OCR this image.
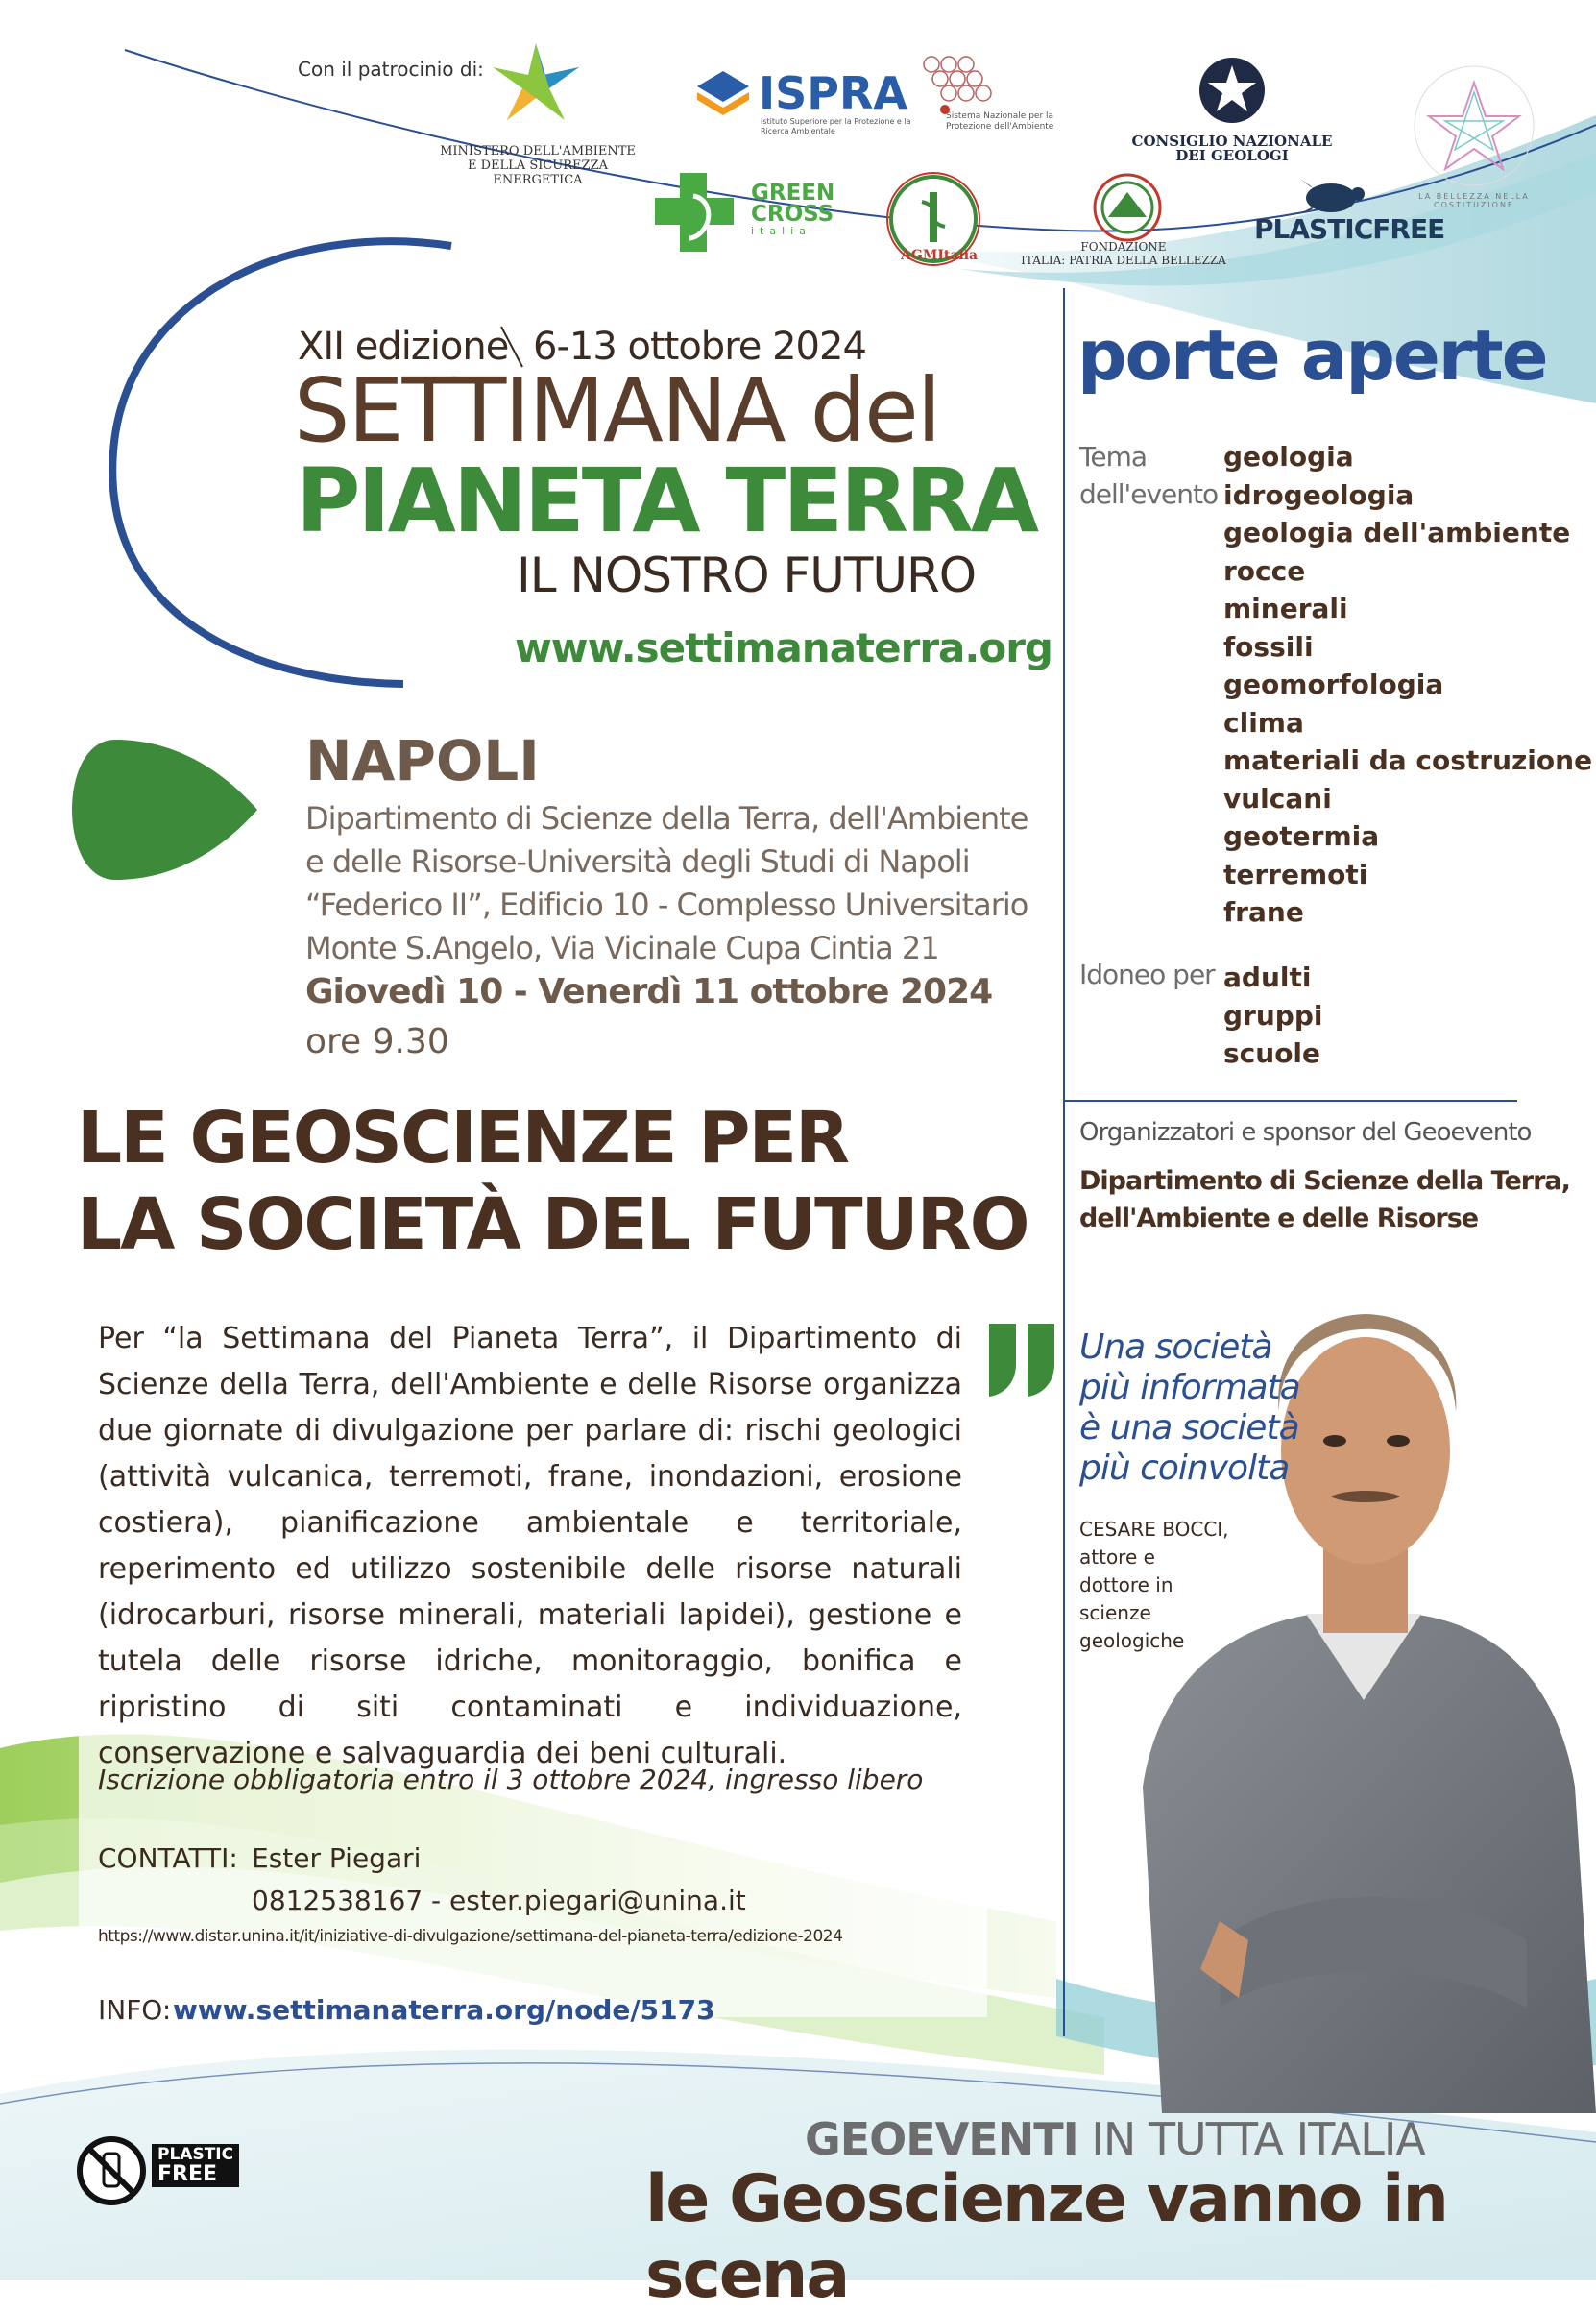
Con il patrocinio di:
MINISTERO DELL'AMBIENTE
E DELLA SICUREZZA ENERGETICA
ISPRA
Istituto Superiore per la Protezione e la Ricerca Ambientale
Sistema Nazionale per la Protezione dell'Ambiente
CONSIGLIO NAZIONALE
DEI GEOLOGI
LA BELLEZZA NELLA COSTITUZIONE
GREEN
CROSS
italia
AGMItalia
FONDAZIONE
ITALIA: PATRIA DELLA BELLEZZA
PLASTICFREE
XII edizione 6-13 ottobre 2024
SETTIMANA del
PIANETA TERRA
IL NOSTRO FUTURO
www.settimanaterra.org
NAPOLI
Dipartimento di Scienze della Terra, dell'Ambiente
e delle Risorse-Università degli Studi di Napoli
“Federico II”, Edificio 10 - Complesso Universitario
Monte S.Angelo, Via Vicinale Cupa Cintia 21
Giovedì 10 - Venerdì 11 ottobre 2024
ore 9.30
LE GEOSCIENZE PER
LA SOCIETÀ DEL FUTURO
Per “la Settimana del Pianeta Terra”, il Dipartimento di Scienze della Terra, dell'Ambiente e delle Risorse organizza due giornate di divulgazione per parlare di: rischi geologici (attività vulcanica, terremoti, frane, inondazioni, erosione costiera), pianificazione ambientale e territoriale, reperimento ed utilizzo sostenibile delle risorse naturali (idrocarburi, risorse minerali, materiali lapidei), gestione e tutela delle risorse idriche, monitoraggio, bonifica e ripristino di siti contaminati e individuazione, conservazione e salvaguardia dei beni culturali.
Iscrizione obbligatoria entro il 3 ottobre 2024, ingresso libero
CONTATTI: Ester Piegari
0812538167 - ester.piegari@unina.it
https://www.distar.unina.it/it/iniziative-di-divulgazione/settimana-del-pianeta-terra/edizione-2024
INFO: www.settimanaterra.org/node/5173
porte aperte
Tema
dell'evento
geologia
idrogeologia
geologia dell'ambiente
rocce
minerali
fossili
geomorfologia
clima
materiali da costruzione
vulcani
geotermia
terremoti
frane
Idoneo per adulti
gruppi
scuole
Organizzatori e sponsor del Geoevento
Dipartimento di Scienze della Terra,
dell'Ambiente e delle Risorse
Una società
più informata
è una società
più coinvolta
CESARE BOCCI,
attore e
dottore in
scienze
geologiche
PLASTIC
FREE
GEOEVENTI IN TUTTA ITALIA
le Geoscienze vanno in scena
